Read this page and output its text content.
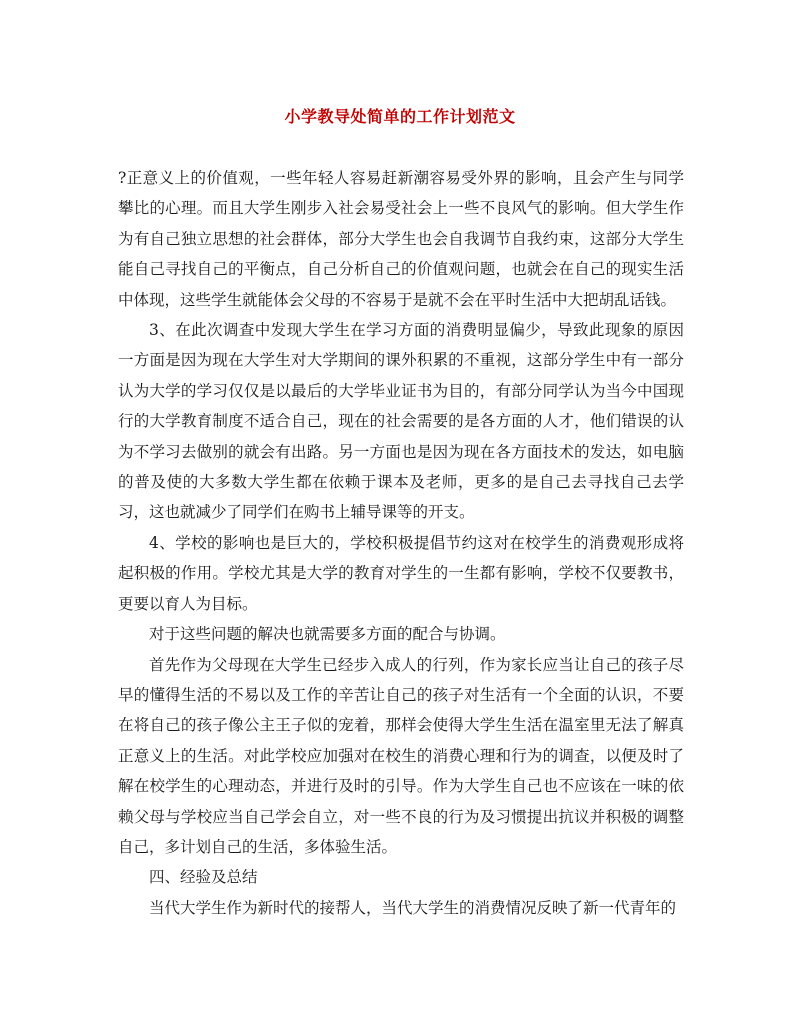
小学教导处简单的工作计划范文

?正意义上的价值观，一些年轻人容易赶新潮容易受外界的影响，且会产生与同学攀比的心理。而且大学生刚步入社会易受社会上一些不良风气的影响。但大学生作为有自己独立思想的社会群体，部分大学生也会自我调节自我约束，这部分大学生能自己寻找自己的平衡点，自己分析自己的价值观问题，也就会在自己的现实生活中体现，这些学生就能体会父母的不容易于是就不会在平时生活中大把胡乱话钱。

3、在此次调查中发现大学生在学习方面的消费明显偏少，导致此现象的原因一方面是因为现在大学生对大学期间的课外积累的不重视，这部分学生中有一部分认为大学的学习仅仅是以最后的大学毕业证书为目的，有部分同学认为当今中国现行的大学教育制度不适合自己，现在的社会需要的是各方面的人才，他们错误的认为不学习去做别的就会有出路。另一方面也是因为现在各方面技术的发达，如电脑的普及使的大多数大学生都在依赖于课本及老师，更多的是自己去寻找自己去学习，这也就减少了同学们在购书上辅导课等的开支。

4、学校的影响也是巨大的，学校积极提倡节约这对在校学生的消费观形成将起积极的作用。学校尤其是大学的教育对学生的一生都有影响，学校不仅要教书，更要以育人为目标。

对于这些问题的解决也就需要多方面的配合与协调。

首先作为父母现在大学生已经步入成人的行列，作为家长应当让自己的孩子尽早的懂得生活的不易以及工作的辛苦让自己的孩子对生活有一个全面的认识，不要在将自己的孩子像公主王子似的宠着，那样会使得大学生生活在温室里无法了解真正意义上的生活。对此学校应加强对在校生的消费心理和行为的调查，以便及时了解在校学生的心理动态，并进行及时的引导。作为大学生自己也不应该在一味的依赖父母与学校应当自己学会自立，对一些不良的行为及习惯提出抗议并积极的调整自己，多计划自己的生活，多体验生活。

四、经验及总结

当代大学生作为新时代的接帮人，当代大学生的消费情况反映了新一代青年的
